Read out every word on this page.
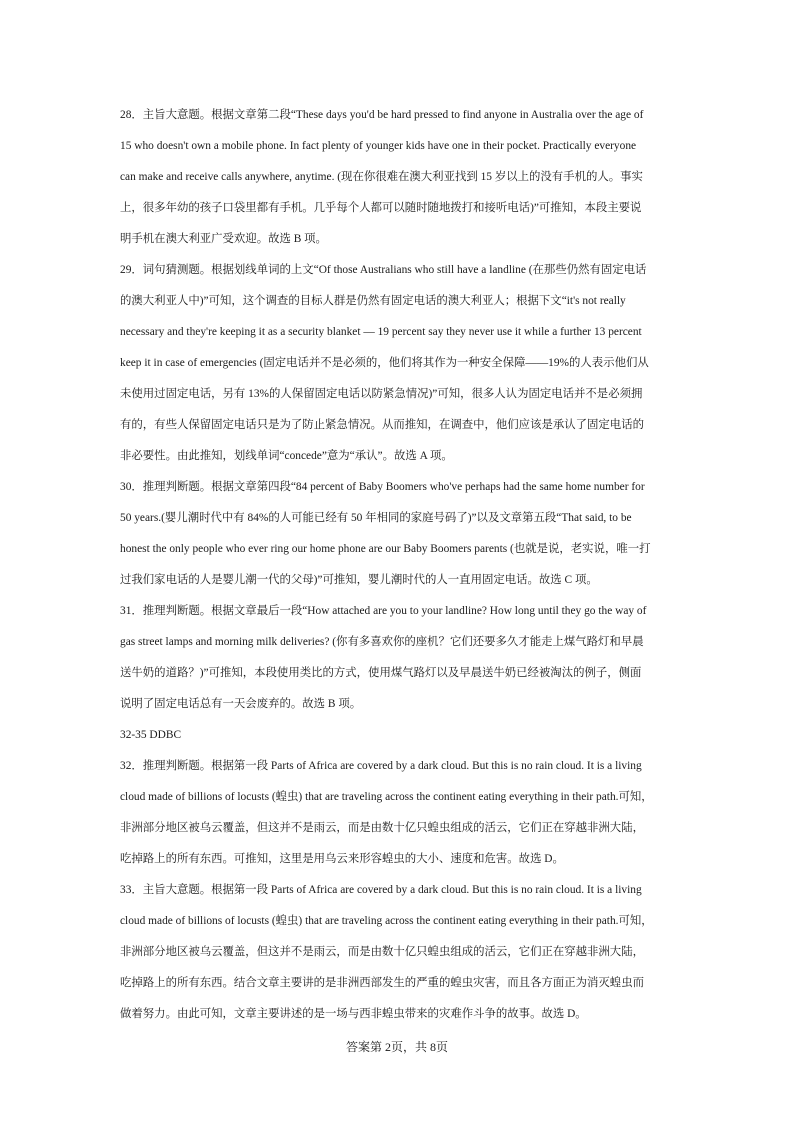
28．主旨大意题。根据文章第二段“These days you'd be hard pressed to find anyone in Australia over the age of
15 who doesn't own a mobile phone. In fact plenty of younger kids have one in their pocket. Practically everyone
can make and receive calls anywhere, anytime. (现在你很难在澳大利亚找到 15 岁以上的没有手机的人。事实
上，很多年幼的孩子口袋里都有手机。几乎每个人都可以随时随地拨打和接听电话)”可推知，本段主要说
明手机在澳大利亚广受欢迎。故选 B 项。
29．词句猜测题。根据划线单词的上文“Of those Australians who still have a landline (在那些仍然有固定电话
的澳大利亚人中)”可知，这个调查的目标人群是仍然有固定电话的澳大利亚人；根据下文“it's not really
necessary and they're keeping it as a security blanket — 19 percent say they never use it while a further 13 percent
keep it in case of emergencies (固定电话并不是必须的，他们将其作为一种安全保障——19%的人表示他们从
未使用过固定电话，另有 13%的人保留固定电话以防紧急情况)”可知，很多人认为固定电话并不是必须拥
有的，有些人保留固定电话只是为了防止紧急情况。从而推知，在调查中，他们应该是承认了固定电话的
非必要性。由此推知，划线单词“concede”意为“承认”。故选 A 项。
30．推理判断题。根据文章第四段“84 percent of Baby Boomers who've perhaps had the same home number for
50 years.(婴儿潮时代中有 84%的人可能已经有 50 年相同的家庭号码了)”以及文章第五段“That said, to be
honest the only people who ever ring our home phone are our Baby Boomers parents (也就是说，老实说，唯一打
过我们家电话的人是婴儿潮一代的父母)”可推知，婴儿潮时代的人一直用固定电话。故选 C 项。
31．推理判断题。根据文章最后一段“How attached are you to your landline? How long until they go the way of
gas street lamps and morning milk deliveries? (你有多喜欢你的座机？它们还要多久才能走上煤气路灯和早晨
送牛奶的道路？)”可推知，本段使用类比的方式，使用煤气路灯以及早晨送牛奶已经被淘汰的例子，侧面
说明了固定电话总有一天会废弃的。故选 B 项。
32-35 DDBC
32．推理判断题。根据第一段 Parts of Africa are covered by a dark cloud. But this is no rain cloud. It is a living
cloud made of billions of locusts (蝗虫) that are traveling across the continent eating everything in their path.可知，
非洲部分地区被乌云覆盖，但这并不是雨云，而是由数十亿只蝗虫组成的活云，它们正在穿越非洲大陆，
吃掉路上的所有东西。可推知，这里是用乌云来形容蝗虫的大小、速度和危害。故选 D。
33．主旨大意题。根据第一段 Parts of Africa are covered by a dark cloud. But this is no rain cloud. It is a living
cloud made of billions of locusts (蝗虫) that are traveling across the continent eating everything in their path.可知，
非洲部分地区被乌云覆盖，但这并不是雨云，而是由数十亿只蝗虫组成的活云，它们正在穿越非洲大陆，
吃掉路上的所有东西。结合文章主要讲的是非洲西部发生的严重的蝗虫灾害，而且各方面正为消灭蝗虫而
做着努力。由此可知，文章主要讲述的是一场与西非蝗虫带来的灾难作斗争的故事。故选 D。
答案第 2页，共 8页
